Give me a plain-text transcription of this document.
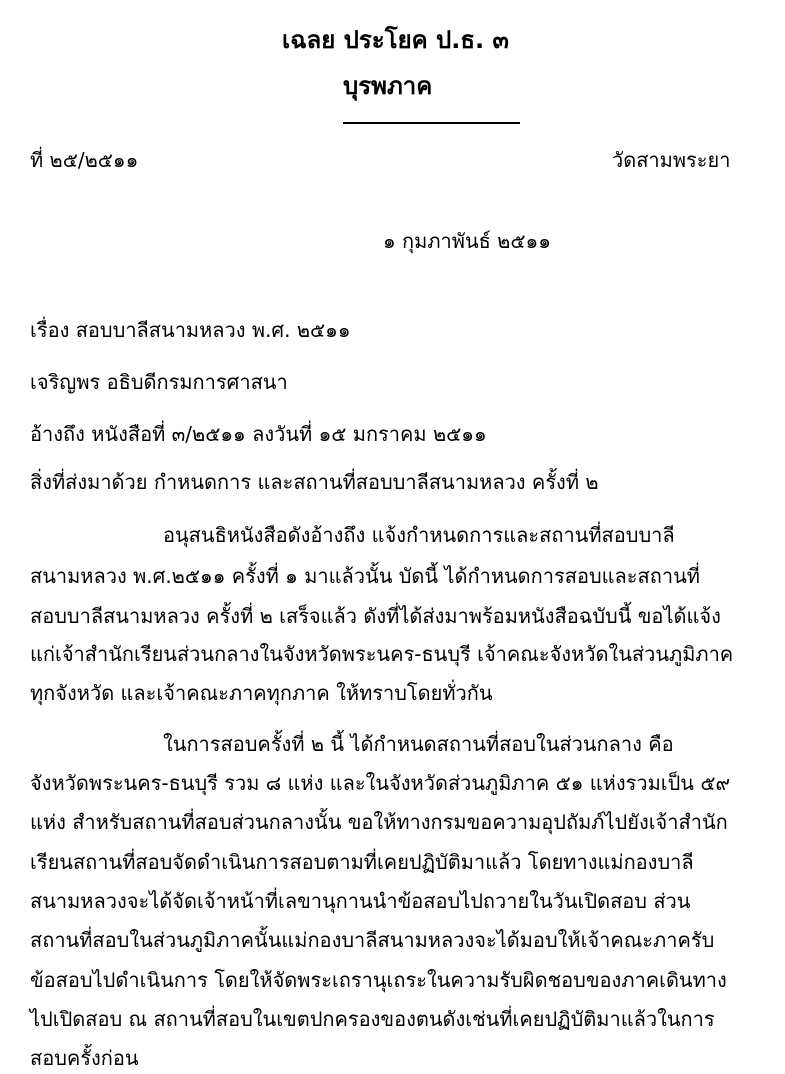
เฉลย ประโยค ป.ธ. ๓
บุรพภาค
ที่ ๒๕/๒๕๑๑	วัดสามพระยา
๑ กุมภาพันธ์ ๒๕๑๑
เรื่อง สอบบาลีสนามหลวง พ.ศ. ๒๕๑๑
เจริญพร อธิบดีกรมการศาสนา
อ้างถึง หนังสือที่ ๓/๒๕๑๑ ลงวันที่ ๑๕ มกราคม ๒๕๑๑
สิ่งที่ส่งมาด้วย กำหนดการ และสถานที่สอบบาลีสนามหลวง ครั้งที่ ๒

อนุสนธิหนังสือดังอ้างถึง แจ้งกำหนดการและสถานที่สอบบาลี

สนามหลวง พ.ศ.๒๕๑๑ ครั้งที่ ๑ มาแล้วนั้น บัดนี้ ได้กำหนดการสอบและสถานที่

สอบบาลีสนามหลวง ครั้งที่ ๒ เสร็จแล้ว ดังที่ได้ส่งมาพร้อมหนังสือฉบับนี้ ขอได้แจ้ง

แก่เจ้าสำนักเรียนส่วนกลางในจังหวัดพระนคร-ธนบุรี เจ้าคณะจังหวัดในส่วนภูมิภาค

ทุกจังหวัด และเจ้าคณะภาคทุกภาค ให้ทราบโดยทั่วกัน

ในการสอบครั้งที่ ๒ นี้ ได้กำหนดสถานที่สอบในส่วนกลาง คือ

จังหวัดพระนคร-ธนบุรี รวม ๘ แห่ง และในจังหวัดส่วนภูมิภาค ๕๑ แห่งรวมเป็น ๕๙

แห่ง สำหรับสถานที่สอบส่วนกลางนั้น ขอให้ทางกรมขอความอุปถัมภ์ไปยังเจ้าสำนัก

เรียนสถานที่สอบจัดดำเนินการสอบตามที่เคยปฏิบัติมาแล้ว โดยทางแม่กองบาลี

สนามหลวงจะได้จัดเจ้าหน้าที่เลขานุกานนำข้อสอบไปถวายในวันเปิดสอบ ส่วน

สถานที่สอบในส่วนภูมิภาคนั้นแม่กองบาลีสนามหลวงจะได้มอบให้เจ้าคณะภาครับ

ข้อสอบไปดำเนินการ โดยให้จัดพระเถรานุเถระในความรับผิดชอบของภาคเดินทาง

ไปเปิดสอบ ณ สถานที่สอบในเขตปกครองของตนดังเช่นที่เคยปฏิบัติมาแล้วในการ

สอบครั้งก่อน
